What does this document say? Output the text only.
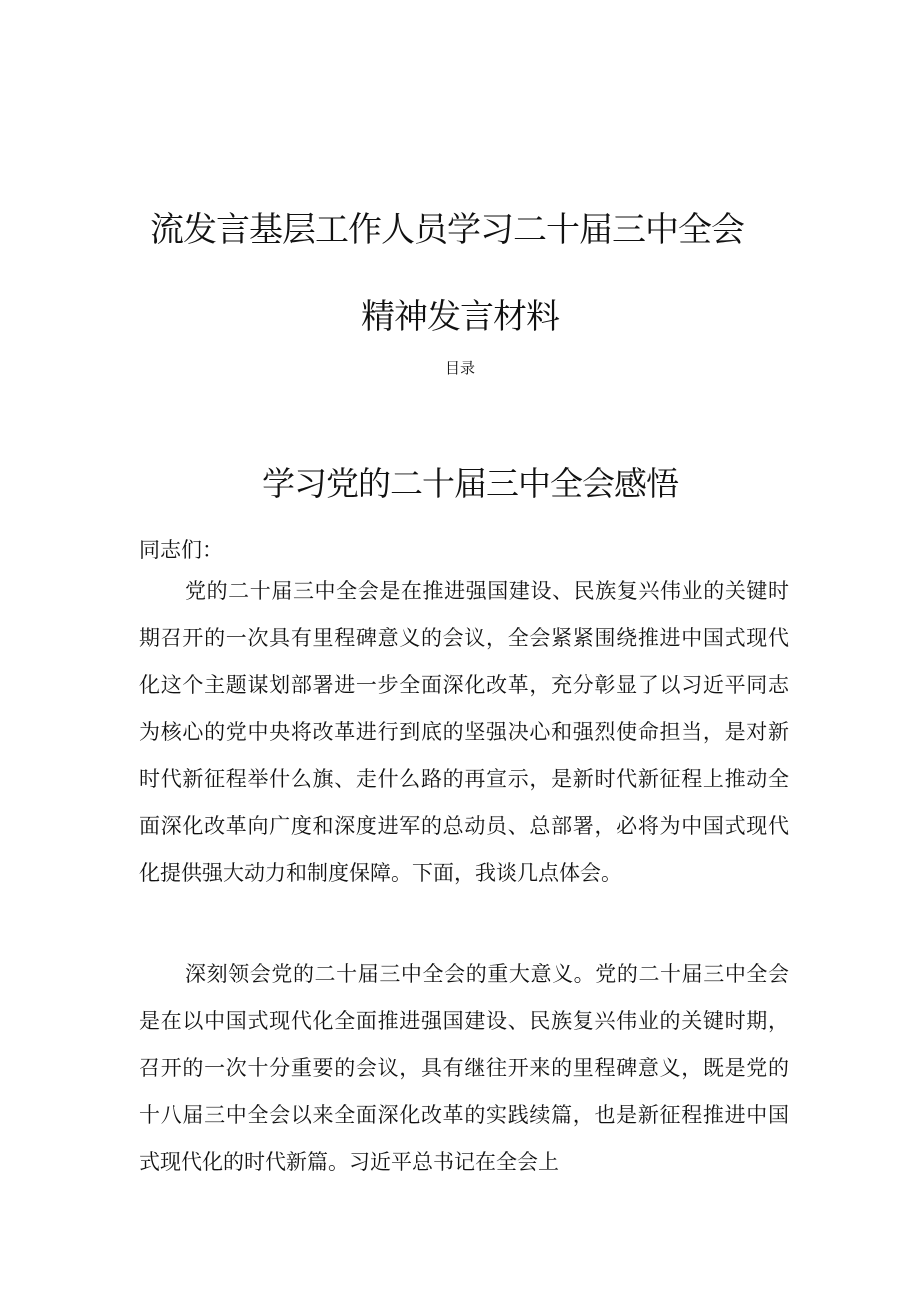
流发言基层工作人员学习二十届三中全会
精神发言材料
目录
学习党的二十届三中全会感悟
同志们：

党的二十届三中全会是在推进强国建设、民族复兴伟业的关键时期召开的一次具有里程碑意义的会议，全会紧紧围绕推进中国式现代化这个主题谋划部署进一步全面深化改革，充分彰显了以习近平同志为核心的党中央将改革进行到底的坚强决心和强烈使命担当，是对新时代新征程举什么旗、走什么路的再宣示，是新时代新征程上推动全面深化改革向广度和深度进军的总动员、总部署，必将为中国式现代化提供强大动力和制度保障。下面，我谈几点体会。

深刻领会党的二十届三中全会的重大意义。党的二十届三中全会是在以中国式现代化全面推进强国建设、民族复兴伟业的关键时期，召开的一次十分重要的会议，具有继往开来的里程碑意义，既是党的十八届三中全会以来全面深化改革的实践续篇，也是新征程推进中国式现代化的时代新篇。习近平总书记在全会上
